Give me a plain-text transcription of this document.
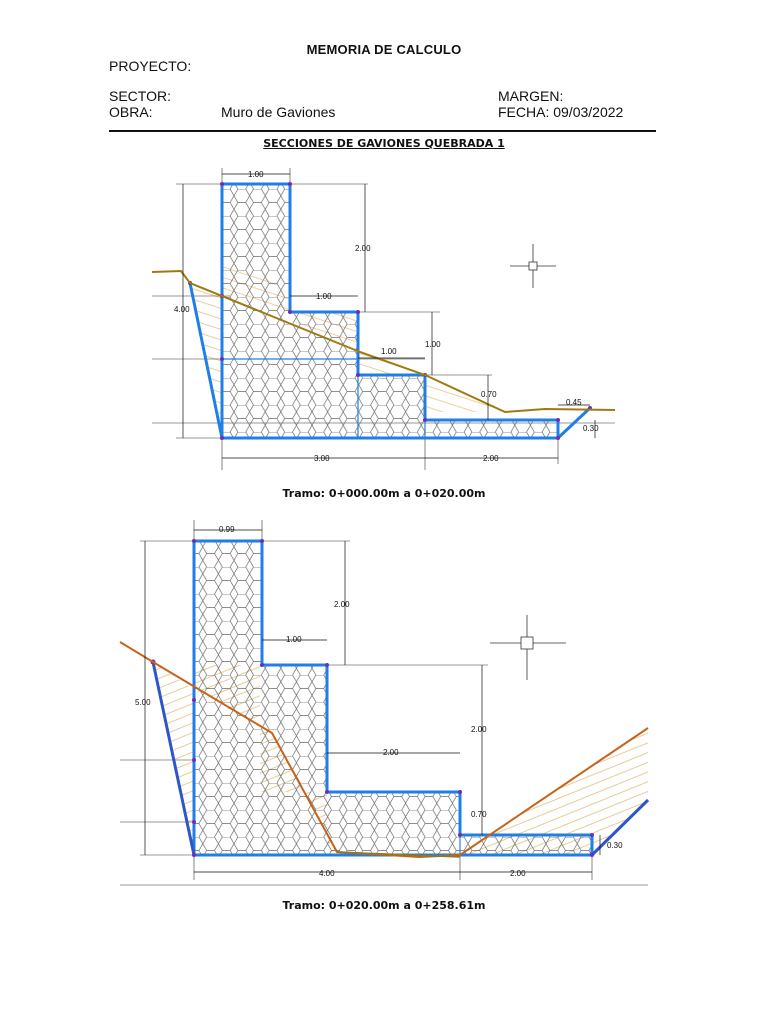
MEMORIA DE CALCULO
PROYECTO:
SECTOR:
OBRA:	Muro de Gaviones
MARGEN:
FECHA: 09/03/2022
SECCIONES DE GAVIONES QUEBRADA 1
1.00
2.00
1.00
1.00
1.00
4.00
0.70
0.45
0.30
3.00	2.00
0.99
2.00
1.00
2.00
5.00
2.00
0.70
0.30
4.00	2.00
Tramo: 0+000.00m a 0+020.00m
Tramo: 0+020.00m a 0+258.61m
